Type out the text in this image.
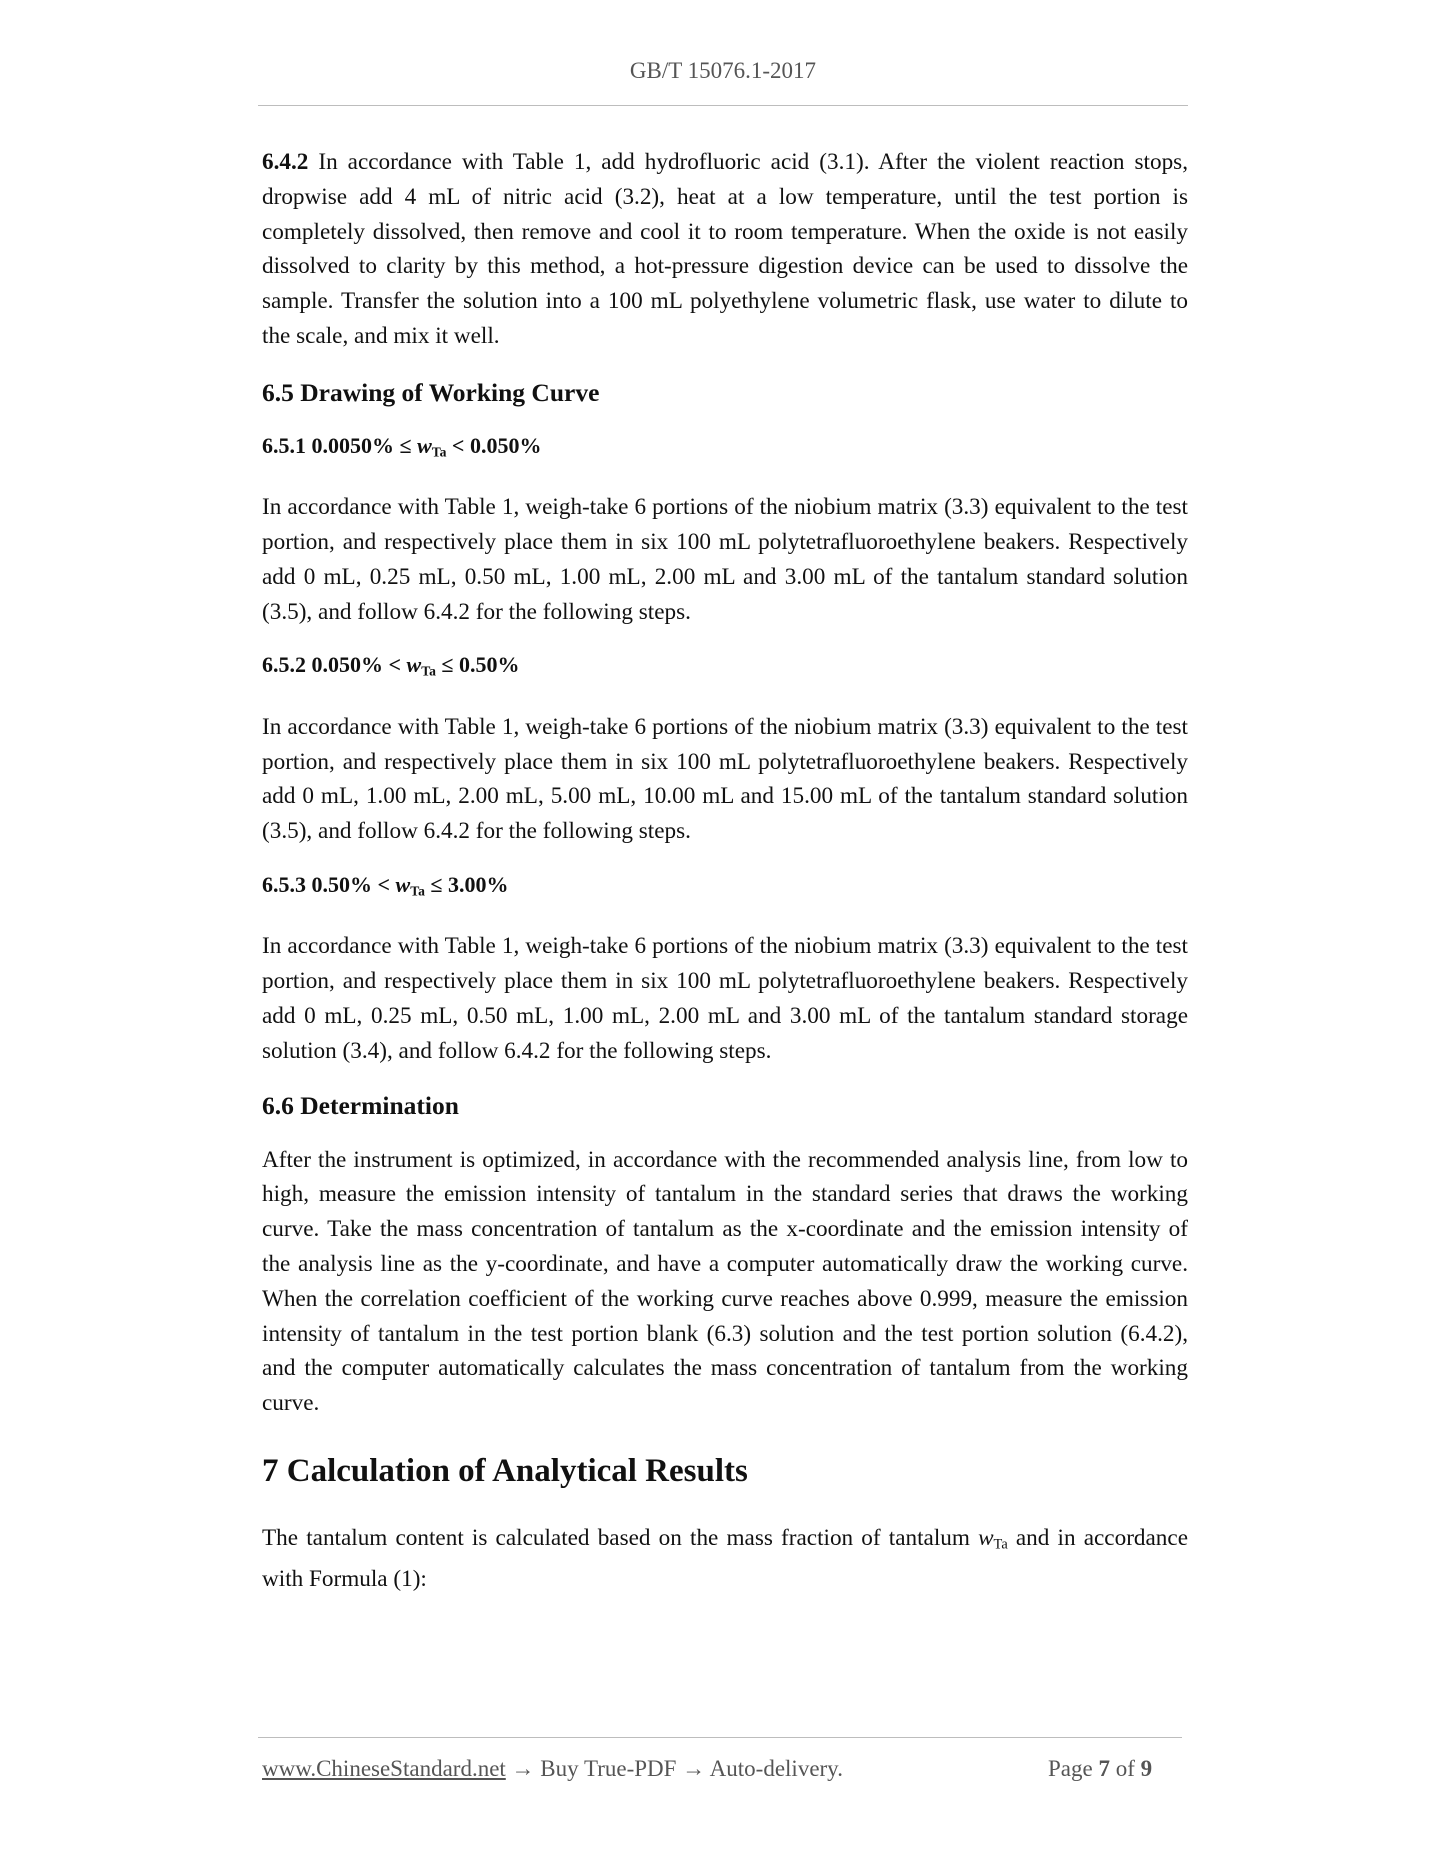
GB/T 15076.1-2017

6.4.2 In accordance with Table 1, add hydrofluoric acid (3.1). After the violent reaction stops, dropwise add 4 mL of nitric acid (3.2), heat at a low temperature, until the test portion is completely dissolved, then remove and cool it to room temperature. When the oxide is not easily dissolved to clarity by this method, a hot-pressure digestion device can be used to dissolve the sample. Transfer the solution into a 100 mL polyethylene volumetric flask, use water to dilute to the scale, and mix it well.

6.5 Drawing of Working Curve
6.5.1 $0.0050\% \le w_{Ta} < 0.050\%$

In accordance with Table 1, weigh-take 6 portions of the niobium matrix (3.3) equivalent to the test portion, and respectively place them in six 100 mL polytetrafluoroethylene beakers. Respectively add 0 mL, 0.25 mL, 0.50 mL, 1.00 mL, 2.00 mL and 3.00 mL of the tantalum standard solution (3.5), and follow 6.4.2 for the following steps.

6.5.2 $0.050\% < w_{Ta} \le 0.50\%$

In accordance with Table 1, weigh-take 6 portions of the niobium matrix (3.3) equivalent to the test portion, and respectively place them in six 100 mL polytetrafluoroethylene beakers. Respectively add 0 mL, 1.00 mL, 2.00 mL, 5.00 mL, 10.00 mL and 15.00 mL of the tantalum standard solution (3.5), and follow 6.4.2 for the following steps.

6.5.3 $0.50\% < w_{Ta} \le 3.00\%$

In accordance with Table 1, weigh-take 6 portions of the niobium matrix (3.3) equivalent to the test portion, and respectively place them in six 100 mL polytetrafluoroethylene beakers. Respectively add 0 mL, 0.25 mL, 0.50 mL, 1.00 mL, 2.00 mL and 3.00 mL of the tantalum standard storage solution (3.4), and follow 6.4.2 for the following steps.

6.6 Determination

After the instrument is optimized, in accordance with the recommended analysis line, from low to high, measure the emission intensity of tantalum in the standard series that draws the working curve. Take the mass concentration of tantalum as the x-coordinate and the emission intensity of the analysis line as the y-coordinate, and have a computer automatically draw the working curve. When the correlation coefficient of the working curve reaches above 0.999, measure the emission intensity of tantalum in the test portion blank (6.3) solution and the test portion solution (6.4.2), and the computer automatically calculates the mass concentration of tantalum from the working curve.

7 Calculation of Analytical Results

The tantalum content is calculated based on the mass fraction of tantalum $w_{Ta}$ and in accordance with Formula (1):

www.ChineseStandard.net → Buy True-PDF → Auto-delivery.	Page 7 of 9
